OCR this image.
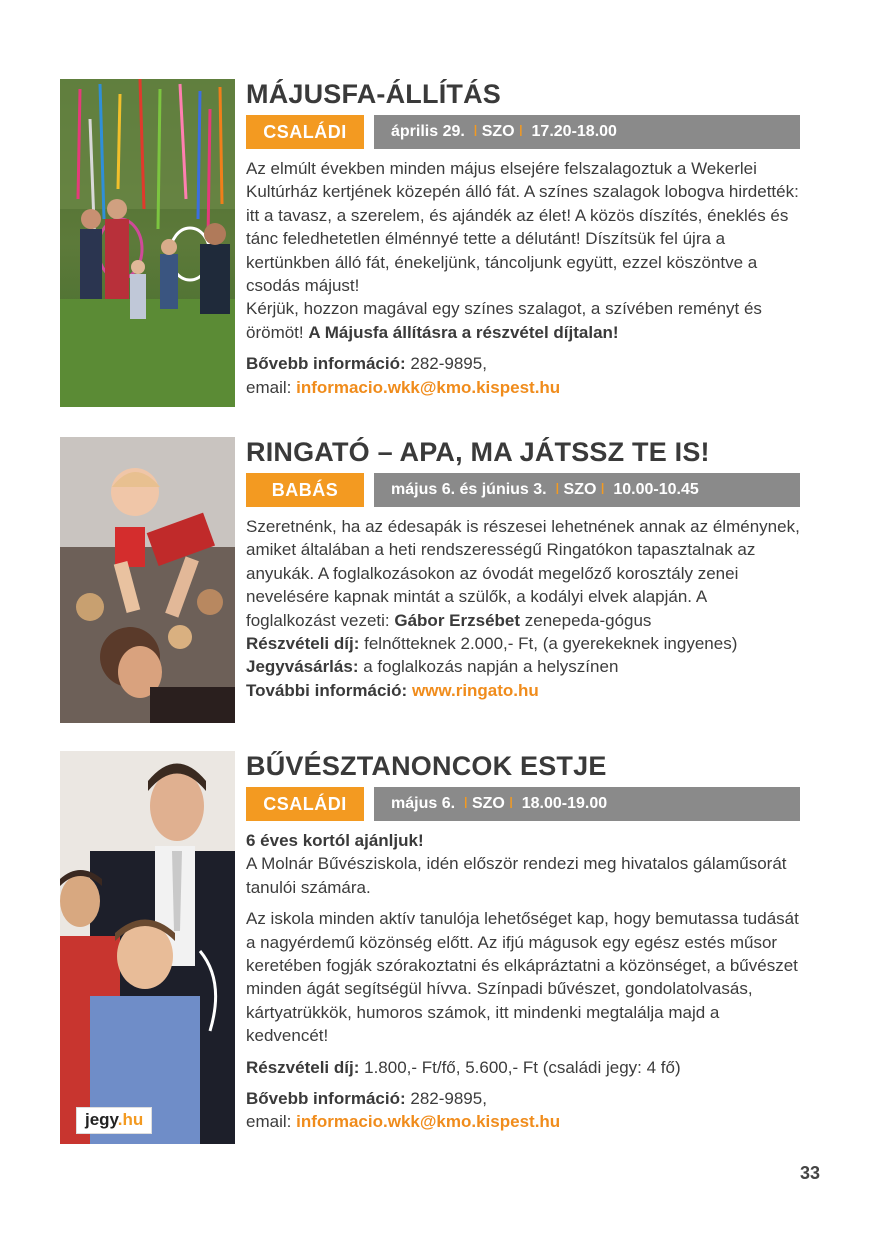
MÁJUSFA-ÁLLÍTÁS
CSALÁDI	április 29. I SZO I 17.20-18.00

Az elmúlt években minden május elsejére felszalagoztuk a Wekerlei Kultúrház kertjének közepén álló fát. A színes szalagok lobogva hirdették: itt a tavasz, a szerelem, és ajándék az élet! A közös díszítés, éneklés és tánc feledhetetlen élménnyé tette a délutánt! Díszítsük fel újra a kertünkben álló fát, énekeljünk, táncoljunk együtt, ezzel köszöntve a csodás májust!

Kérjük, hozzon magával egy színes szalagot, a szívében reményt és örömöt! A Májusfa állításra a részvétel díjtalan!

Bővebb információ: 282-9895,

email: informacio.wkk@kmo.kispest.hu

RINGATÓ – APA, MA JÁTSSZ TE IS!
BABÁS	május 6. és június 3. I SZO I 10.00-10.45

Szeretnénk, ha az édesapák is részesei lehetnének annak az élménynek, amiket általában a heti rendszerességű Ringatókon tapasztalnak az anyukák. A foglalkozásokon az óvodát megelőző korosztály zenei nevelésére kapnak mintát a szülők, a kodályi elvek alapján. A foglalkozást vezeti: Gábor Erzsébet zenepeda-gógus

Részvételi díj: felnőtteknek 2.000,- Ft, (a gyerekeknek ingyenes)

Jegyvásárlás: a foglalkozás napján a helyszínen

További információ: www.ringato.hu

jegy.hu
BŰVÉSZTANONCOK ESTJE
CSALÁDI	május 6. I SZO I 18.00-19.00

6 éves kortól ajánljuk!

A Molnár Bűvésziskola, idén először rendezi meg hivatalos gálaműsorát tanulói számára.

Az iskola minden aktív tanulója lehetőséget kap, hogy bemutassa tudását a nagyérdemű közönség előtt. Az ifjú mágusok egy egész estés műsor keretében fogják szórakoztatni és elkápráztatni a közönséget, a bűvészet minden ágát segítségül hívva. Színpadi bűvészet, gondolatolvasás, kártyatrükkök, humoros számok, itt mindenki megtalálja majd a kedvencét!

Részvételi díj: 1.800,- Ft/fő, 5.600,- Ft (családi jegy: 4 fő)

Bővebb információ: 282-9895,

email: informacio.wkk@kmo.kispest.hu

33
